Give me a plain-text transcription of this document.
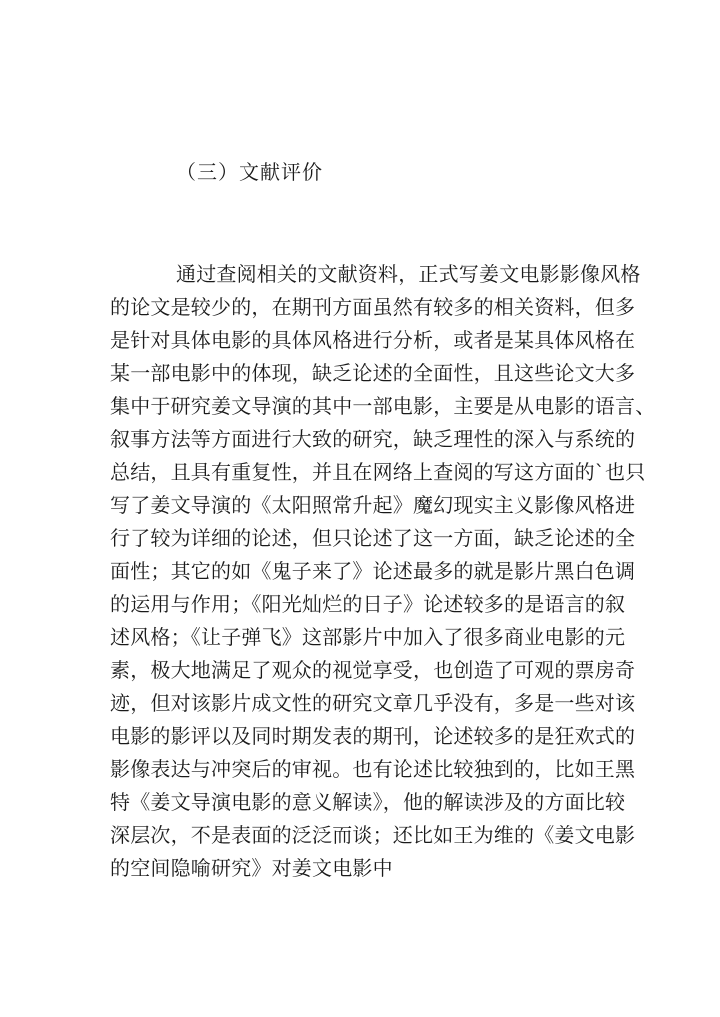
（三）文献评价
通过查阅相关的文献资料，正式写姜文电影影像风格
的论文是较少的，在期刊方面虽然有较多的相关资料，但多
是针对具体电影的具体风格进行分析，或者是某具体风格在
某一部电影中的体现，缺乏论述的全面性，且这些论文大多
集中于研究姜文导演的其中一部电影，主要是从电影的语言、
叙事方法等方面进行大致的研究，缺乏理性的深入与系统的
总结，且具有重复性，并且在网络上查阅的写这方面的`也只
写了姜文导演的《太阳照常升起》魔幻现实主义影像风格进
行了较为详细的论述，但只论述了这一方面，缺乏论述的全
面性；其它的如《鬼子来了》论述最多的就是影片黑白色调
的运用与作用；《阳光灿烂的日子》论述较多的是语言的叙
述风格；《让子弹飞》这部影片中加入了很多商业电影的元
素，极大地满足了观众的视觉享受，也创造了可观的票房奇
迹，但对该影片成文性的研究文章几乎没有，多是一些对该
电影的影评以及同时期发表的期刊，论述较多的是狂欢式的
影像表达与冲突后的审视。也有论述比较独到的，比如王黑
特《姜文导演电影的意义解读》，他的解读涉及的方面比较
深层次，不是表面的泛泛而谈；还比如王为维的《姜文电影
的空间隐喻研究》对姜文电影中
